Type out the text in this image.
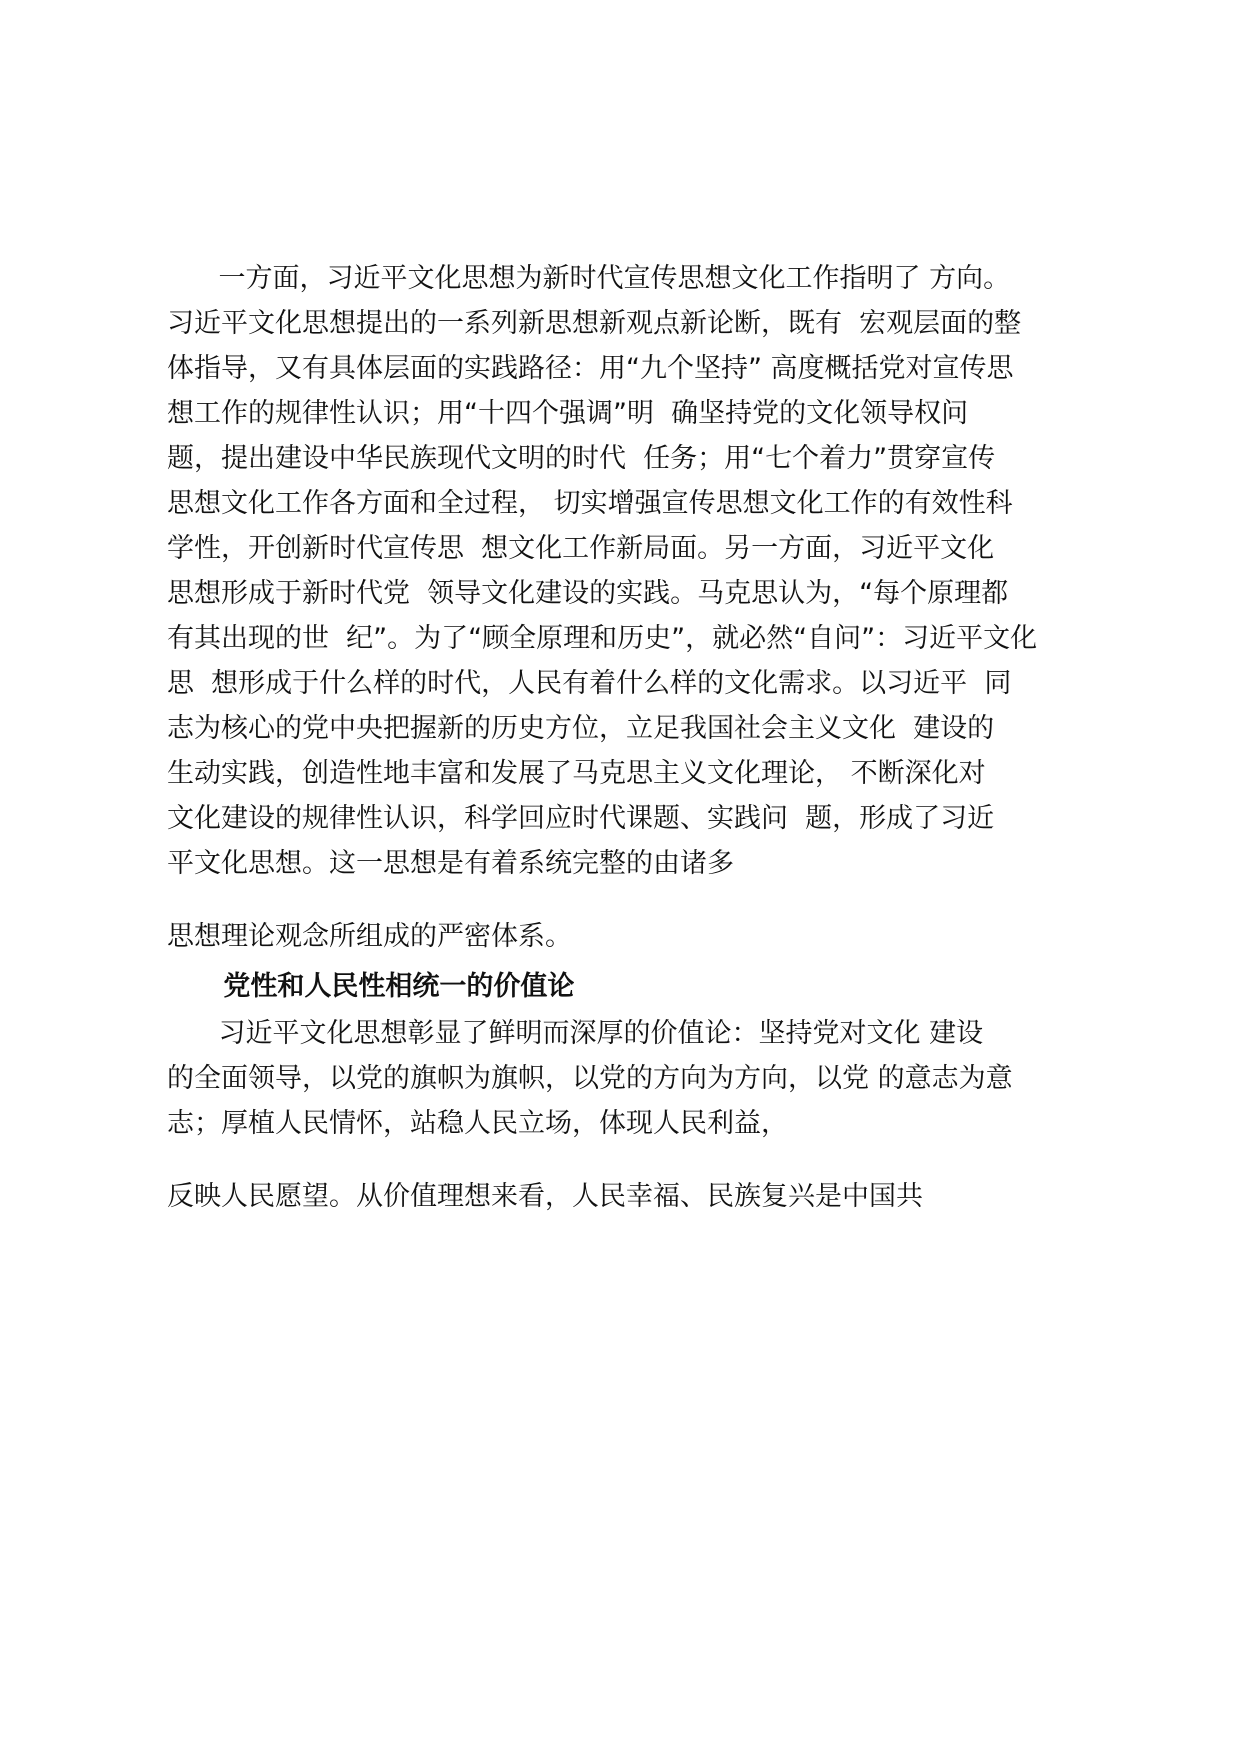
一方面，习近平文化思想为新时代宣传思想文化工作指明了 方向。
习近平文化思想提出的一系列新思想新观点新论断，既有  宏观层面的整
体指导，又有具体层面的实践路径：用“九个坚持” 高度概括党对宣传思
想工作的规律性认识；用“十四个强调”明  确坚持党的文化领导权问
题，提出建设中华民族现代文明的时代  任务；用“七个着力”贯穿宣传
思想文化工作各方面和全过程， 切实增强宣传思想文化工作的有效性科
学性，开创新时代宣传思  想文化工作新局面。另一方面，习近平文化
思想形成于新时代党  领导文化建设的实践。马克思认为，“每个原理都
有其出现的世  纪”。为了“顾全原理和历史”，就必然“自问”：习近平文化
思  想形成于什么样的时代，人民有着什么样的文化需求。以习近平  同
志为核心的党中央把握新的历史方位，立足我国社会主义文化  建设的
生动实践，创造性地丰富和发展了马克思主义文化理论， 不断深化对
文化建设的规律性认识，科学回应时代课题、实践问  题，形成了习近
平文化思想。这一思想是有着系统完整的由诸多
思想理论观念所组成的严密体系。
党性和人民性相统一的价值论
习近平文化思想彰显了鲜明而深厚的价值论：坚持党对文化 建设
的全面领导，以党的旗帜为旗帜，以党的方向为方向，以党 的意志为意
志；厚植人民情怀，站稳人民立场，体现人民利益，
反映人民愿望。从价值理想来看，人民幸福、民族复兴是中国共
